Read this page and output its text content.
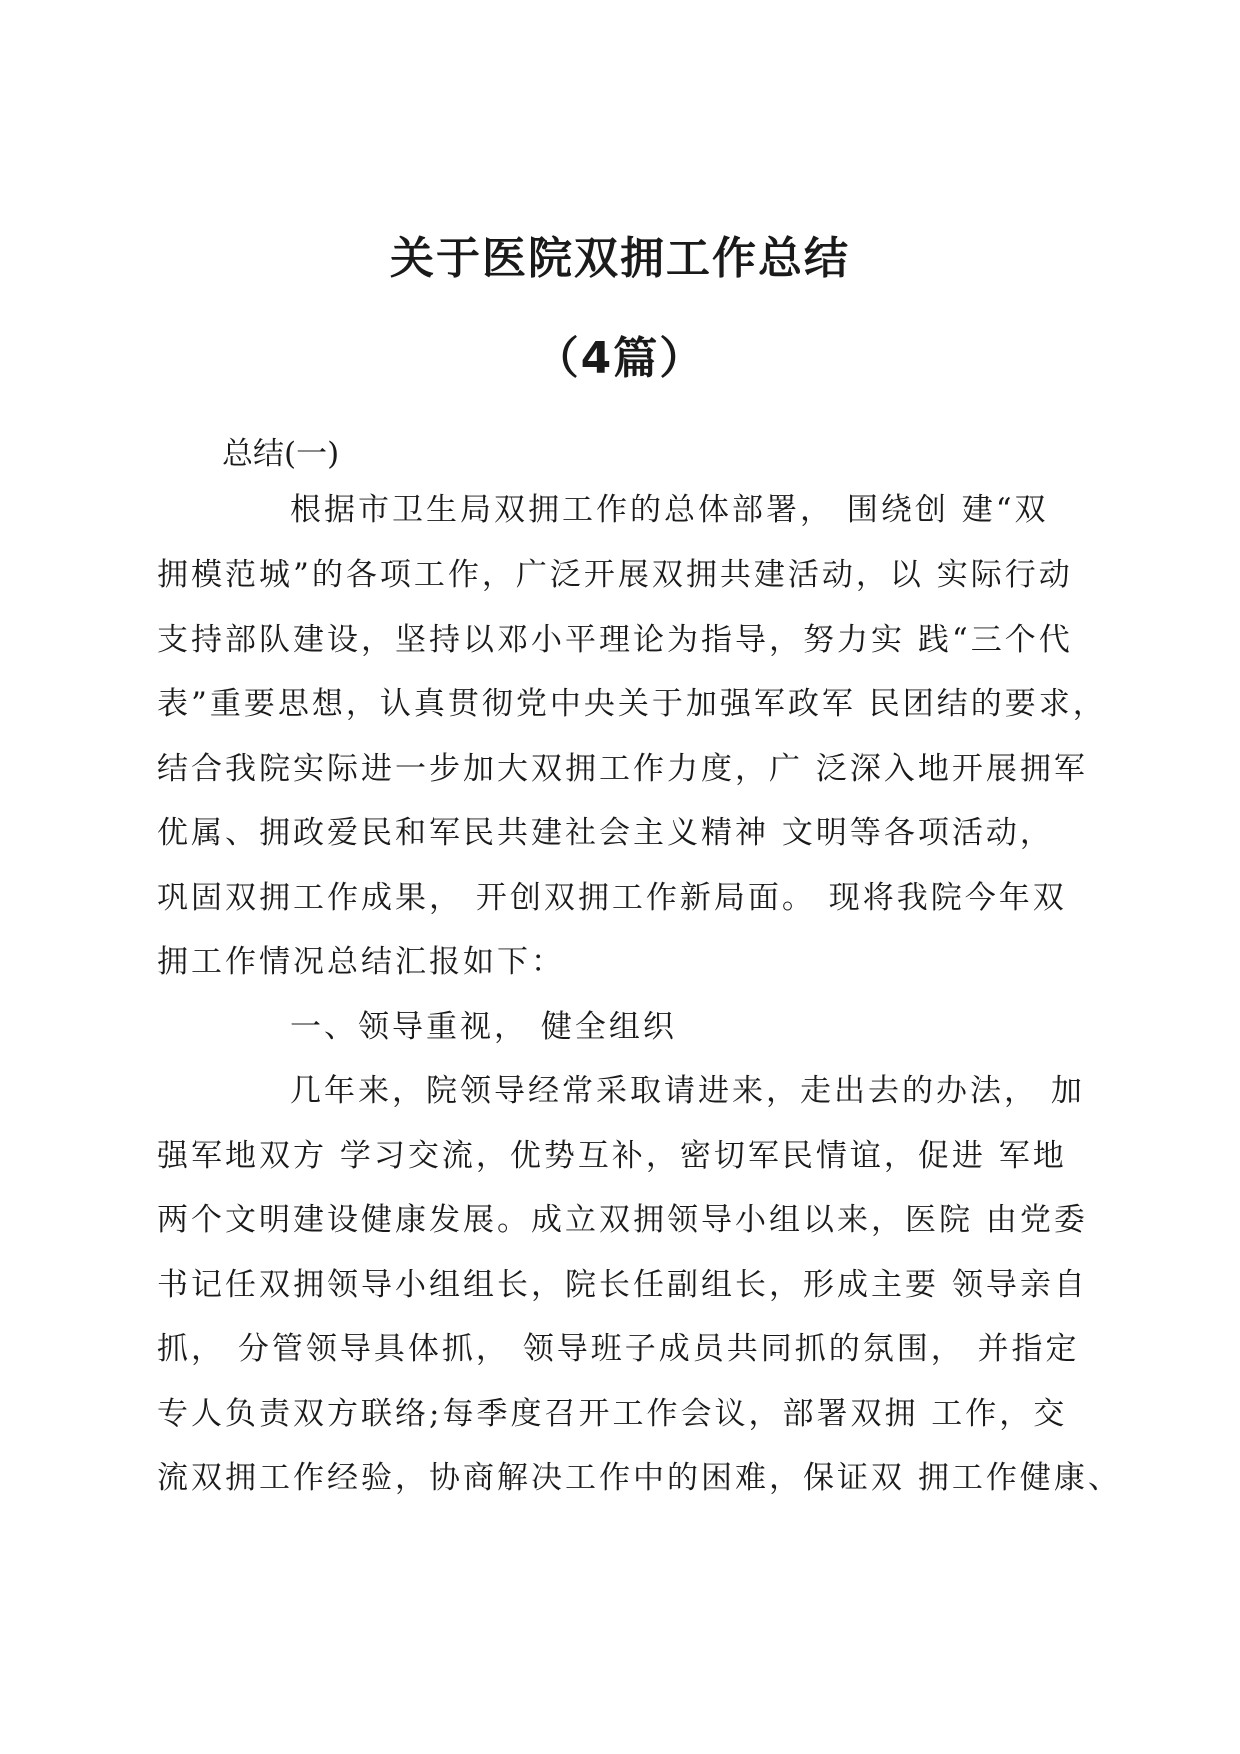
关于医院双拥工作总结
（4篇）

总结(一)

根据市卫生局双拥工作的总体部署， 围绕创 建“双

拥模范城”的各项工作，广泛开展双拥共建活动，以 实际行动

支持部队建设，坚持以邓小平理论为指导，努力实 践“三个代

表”重要思想，认真贯彻党中央关于加强军政军 民团结的要求，

结合我院实际进一步加大双拥工作力度，广 泛深入地开展拥军

优属、拥政爱民和军民共建社会主义精神 文明等各项活动，

巩固双拥工作成果， 开创双拥工作新局面。 现将我院今年双

拥工作情况总结汇报如下：

一、领导重视， 健全组织

几年来，院领导经常采取请进来，走出去的办法， 加

强军地双方 学习交流，优势互补，密切军民情谊，促进 军地

两个文明建设健康发展。成立双拥领导小组以来，医院 由党委

书记任双拥领导小组组长，院长任副组长，形成主要 领导亲自

抓， 分管领导具体抓， 领导班子成员共同抓的氛围， 并指定

专人负责双方联络;每季度召开工作会议，部署双拥 工作，交

流双拥工作经验，协商解决工作中的困难，保证双 拥工作健康、
